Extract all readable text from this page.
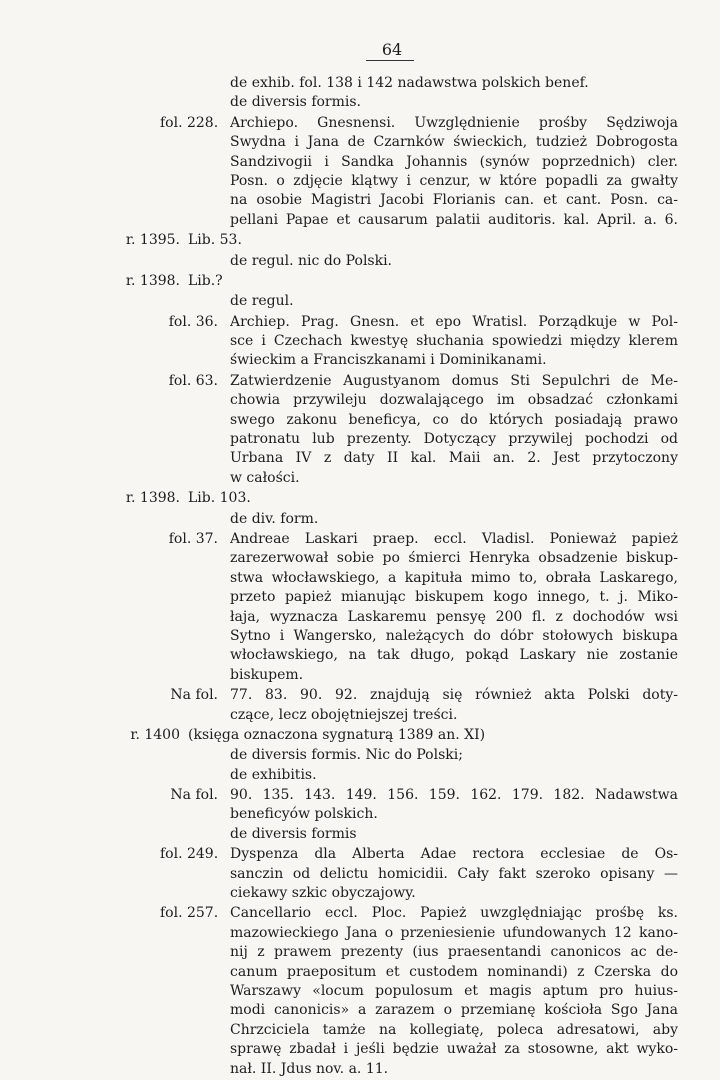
64
de exhib. fol. 138 i 142 nadawstwa polskich benef.
de diversis formis.
fol. 228. Archiepo. Gnesnensi. Uwzględnienie prośby Sędziwoja
Swydna i Jana de Czarnków świeckich, tudzież Dobrogosta
Sandzivogii i Sandka Johannis (synów poprzednich) cler.
Posn. o zdjęcie klątwy i cenzur, w które popadli za gwałty
na osobie Magistri Jacobi Florianis can. et cant. Posn. ca-
pellani Papae et causarum palatii auditoris. kal. April. a. 6.
r. 1395. Lib. 53.
de regul. nic do Polski.
r. 1398. Lib.?
de regul.
fol. 36. Archiep. Prag. Gnesn. et epo Wratisl. Porządkuje w Pol-
sce i Czechach kwestyę słuchania spowiedzi między klerem
świeckim a Franciszkanami i Dominikanami.
fol. 63. Zatwierdzenie Augustyanom domus Sti Sepulchri de Me-
chowia przywileju dozwalającego im obsadzać członkami
swego zakonu beneficya, co do których posiadają prawo
patronatu lub prezenty. Dotyczący przywilej pochodzi od
Urbana IV z daty II kal. Maii an. 2. Jest przytoczony
w całości.
r. 1398. Lib. 103.
de div. form.
fol. 37. Andreae Laskari praep. eccl. Vladisl. Ponieważ papież
zarezerwował sobie po śmierci Henryka obsadzenie biskup-
stwa włocławskiego, a kapituła mimo to, obrała Laskarego,
przeto papież mianując biskupem kogo innego, t. j. Miko-
łaja, wyznacza Laskaremu pensyę 200 fl. z dochodów wsi
Sytno i Wangersko, należących do dóbr stołowych biskupa
włocławskiego, na tak długo, pokąd Laskary nie zostanie
biskupem.
Na fol. 77. 83. 90. 92. znajdują się również akta Polski doty-
czące, lecz obojętniejszej treści.
r. 1400 (księga oznaczona sygnaturą 1389 an. XI)
de diversis formis. Nic do Polski;
de exhibitis.
Na fol. 90. 135. 143. 149. 156. 159. 162. 179. 182. Nadawstwa
beneficyów polskich.
de diversis formis
fol. 249. Dyspenza dla Alberta Adae rectora ecclesiae de Os-
sanczin od delictu homicidii. Cały fakt szeroko opisany —
ciekawy szkic obyczajowy.
fol. 257. Cancellario eccl. Ploc. Papież uwzględniając prośbę ks.
mazowieckiego Jana o przeniesienie ufundowanych 12 kano-
nij z prawem prezenty (ius praesentandi canonicos ac de-
canum praepositum et custodem nominandi) z Czerska do
Warszawy «locum populosum et magis aptum pro huius-
modi canonicis» a zarazem o przemianę kościoła Sgo Jana
Chrzciciela tamże na kollegiatę, poleca adresatowi, aby
sprawę zbadał i jeśli będzie uważał za stosowne, akt wyko-
nał. II. Jdus nov. a. 11.
